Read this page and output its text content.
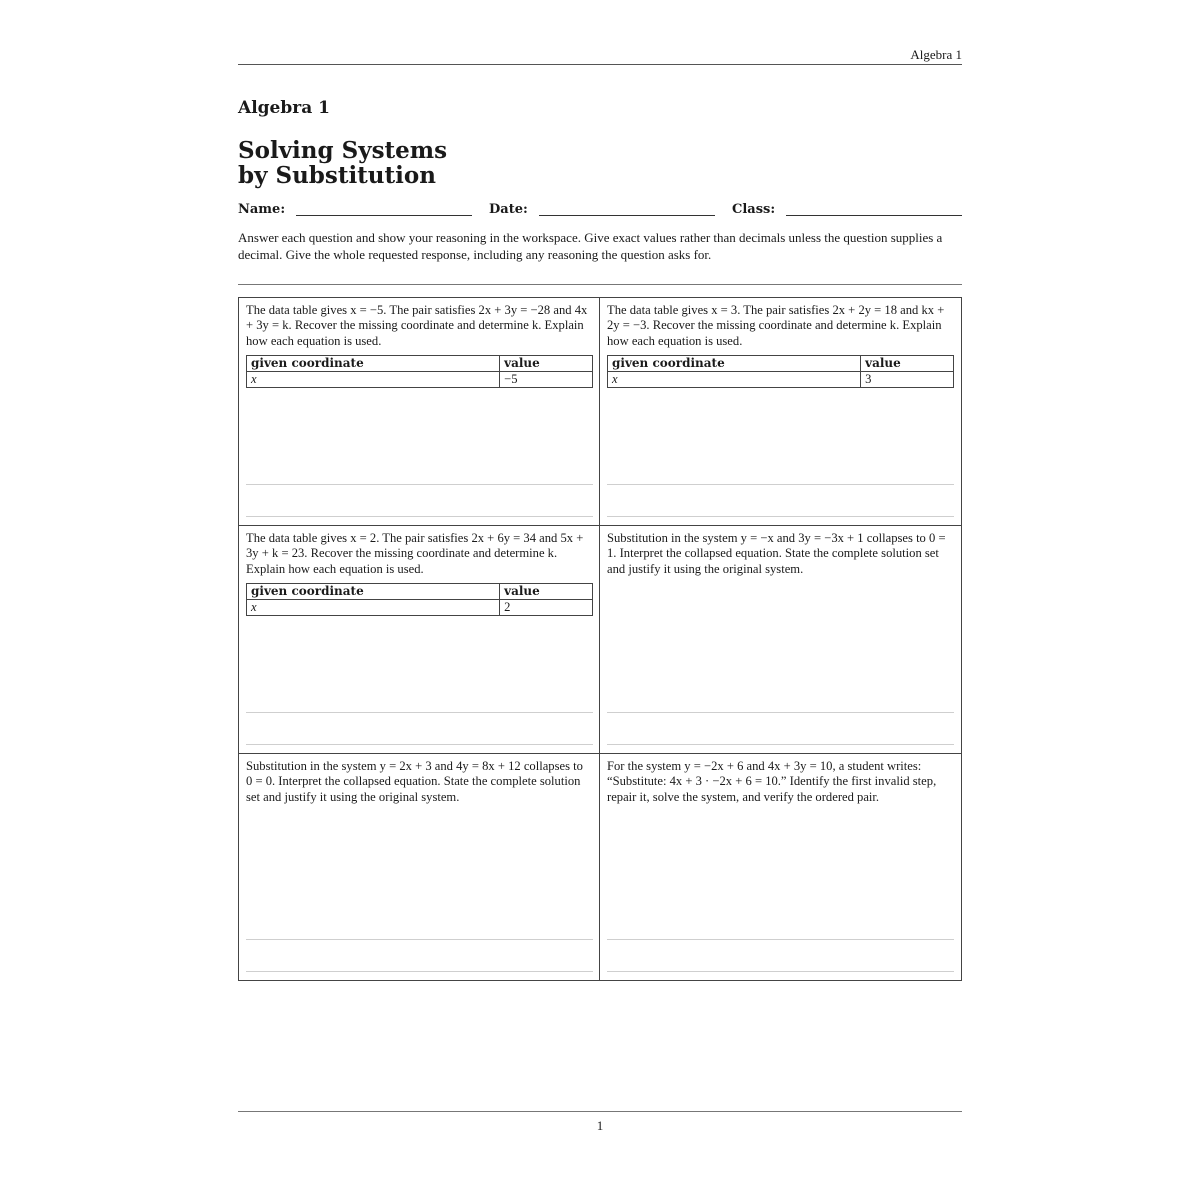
Algebra 1
Algebra 1
Solving Systems
by Substitution
Name:	Date:	Class:

Answer each question and show your reasoning in the workspace. Give exact values rather than decimals unless the question supplies a decimal. Give the whole requested response, including any reasoning the question asks for.

The data table gives x = −5. The pair satisfies 2x + 3y = −28 and 4x + 3y = k. Recover the missing coordinate and determine k. Explain how each equation is used.

given coordinate	value
x	−5

The data table gives x = 3. The pair satisfies 2x + 2y = 18 and kx + 2y = −3. Recover the missing coordinate and determine k. Explain how each equation is used.

given coordinate	value
x	3

The data table gives x = 2. The pair satisfies 2x + 6y = 34 and 5x + 3y + k = 23. Recover the missing coordinate and determine k. Explain how each equation is used.

given coordinate	value
x	2

Substitution in the system y = −x and 3y = −3x + 1 collapses to 0 = 1. Interpret the collapsed equation. State the complete solution set and justify it using the original system.

Substitution in the system y = 2x + 3 and 4y = 8x + 12 collapses to 0 = 0. Interpret the collapsed equation. State the complete solution set and justify it using the original system.

For the system y = −2x + 6 and 4x + 3y = 10, a student writes: “Substitute: 4x + 3 · −2x + 6 = 10.” Identify the first invalid step, repair it, solve the system, and verify the ordered pair.

1
